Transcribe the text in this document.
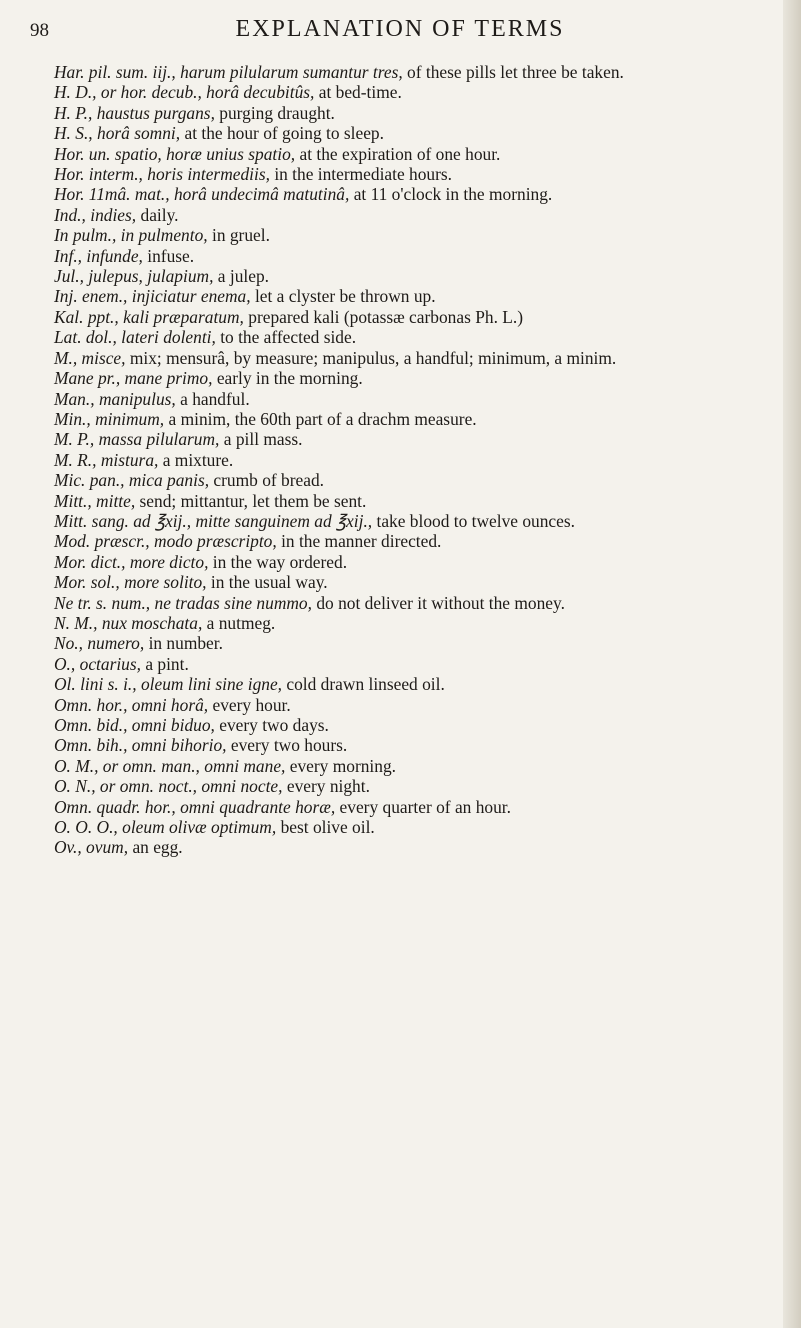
98	EXPLANATION OF TERMS

Har. pil. sum. iij., harum pilularum sumantur tres, of these pills let three be taken.

H. D., or hor. decub., horâ decubitûs, at bed-time.

H. P., haustus purgans, purging draught.

H. S., horâ somni, at the hour of going to sleep.

Hor. un. spatio, horæ unius spatio, at the expiration of one hour.

Hor. interm., horis intermediis, in the intermediate hours.

Hor. 11mâ. mat., horâ undecimâ matutinâ, at 11 o'clock in the morning.

Ind., indies, daily.

In pulm., in pulmento, in gruel.

Inf., infunde, infuse.

Jul., julepus, julapium, a julep.

Inj. enem., injiciatur enema, let a clyster be thrown up.

Kal. ppt., kali præparatum, prepared kali (potassæ carbonas Ph. L.)

Lat. dol., lateri dolenti, to the affected side.

M., misce, mix; mensurâ, by measure; manipulus, a handful; minimum, a minim.

Mane pr., mane primo, early in the morning.

Man., manipulus, a handful.

Min., minimum, a minim, the 60th part of a drachm measure.

M. P., massa pilularum, a pill mass.

M. R., mistura, a mixture.

Mic. pan., mica panis, crumb of bread.

Mitt., mitte, send; mittantur, let them be sent.

Mitt. sang. ad ℥xij., mitte sanguinem ad ℥xij., take blood to twelve ounces.

Mod. præscr., modo præscripto, in the manner directed.

Mor. dict., more dicto, in the way ordered.

Mor. sol., more solito, in the usual way.

Ne tr. s. num., ne tradas sine nummo, do not deliver it without the money.

N. M., nux moschata, a nutmeg.

No., numero, in number.

O., octarius, a pint.

Ol. lini s. i., oleum lini sine igne, cold drawn linseed oil.

Omn. hor., omni horâ, every hour.

Omn. bid., omni biduo, every two days.

Omn. bih., omni bihorio, every two hours.

O. M., or omn. man., omni mane, every morning.

O. N., or omn. noct., omni nocte, every night.

Omn. quadr. hor., omni quadrante horæ, every quarter of an hour.

O. O. O., oleum olivæ optimum, best olive oil.

Ov., ovum, an egg.
